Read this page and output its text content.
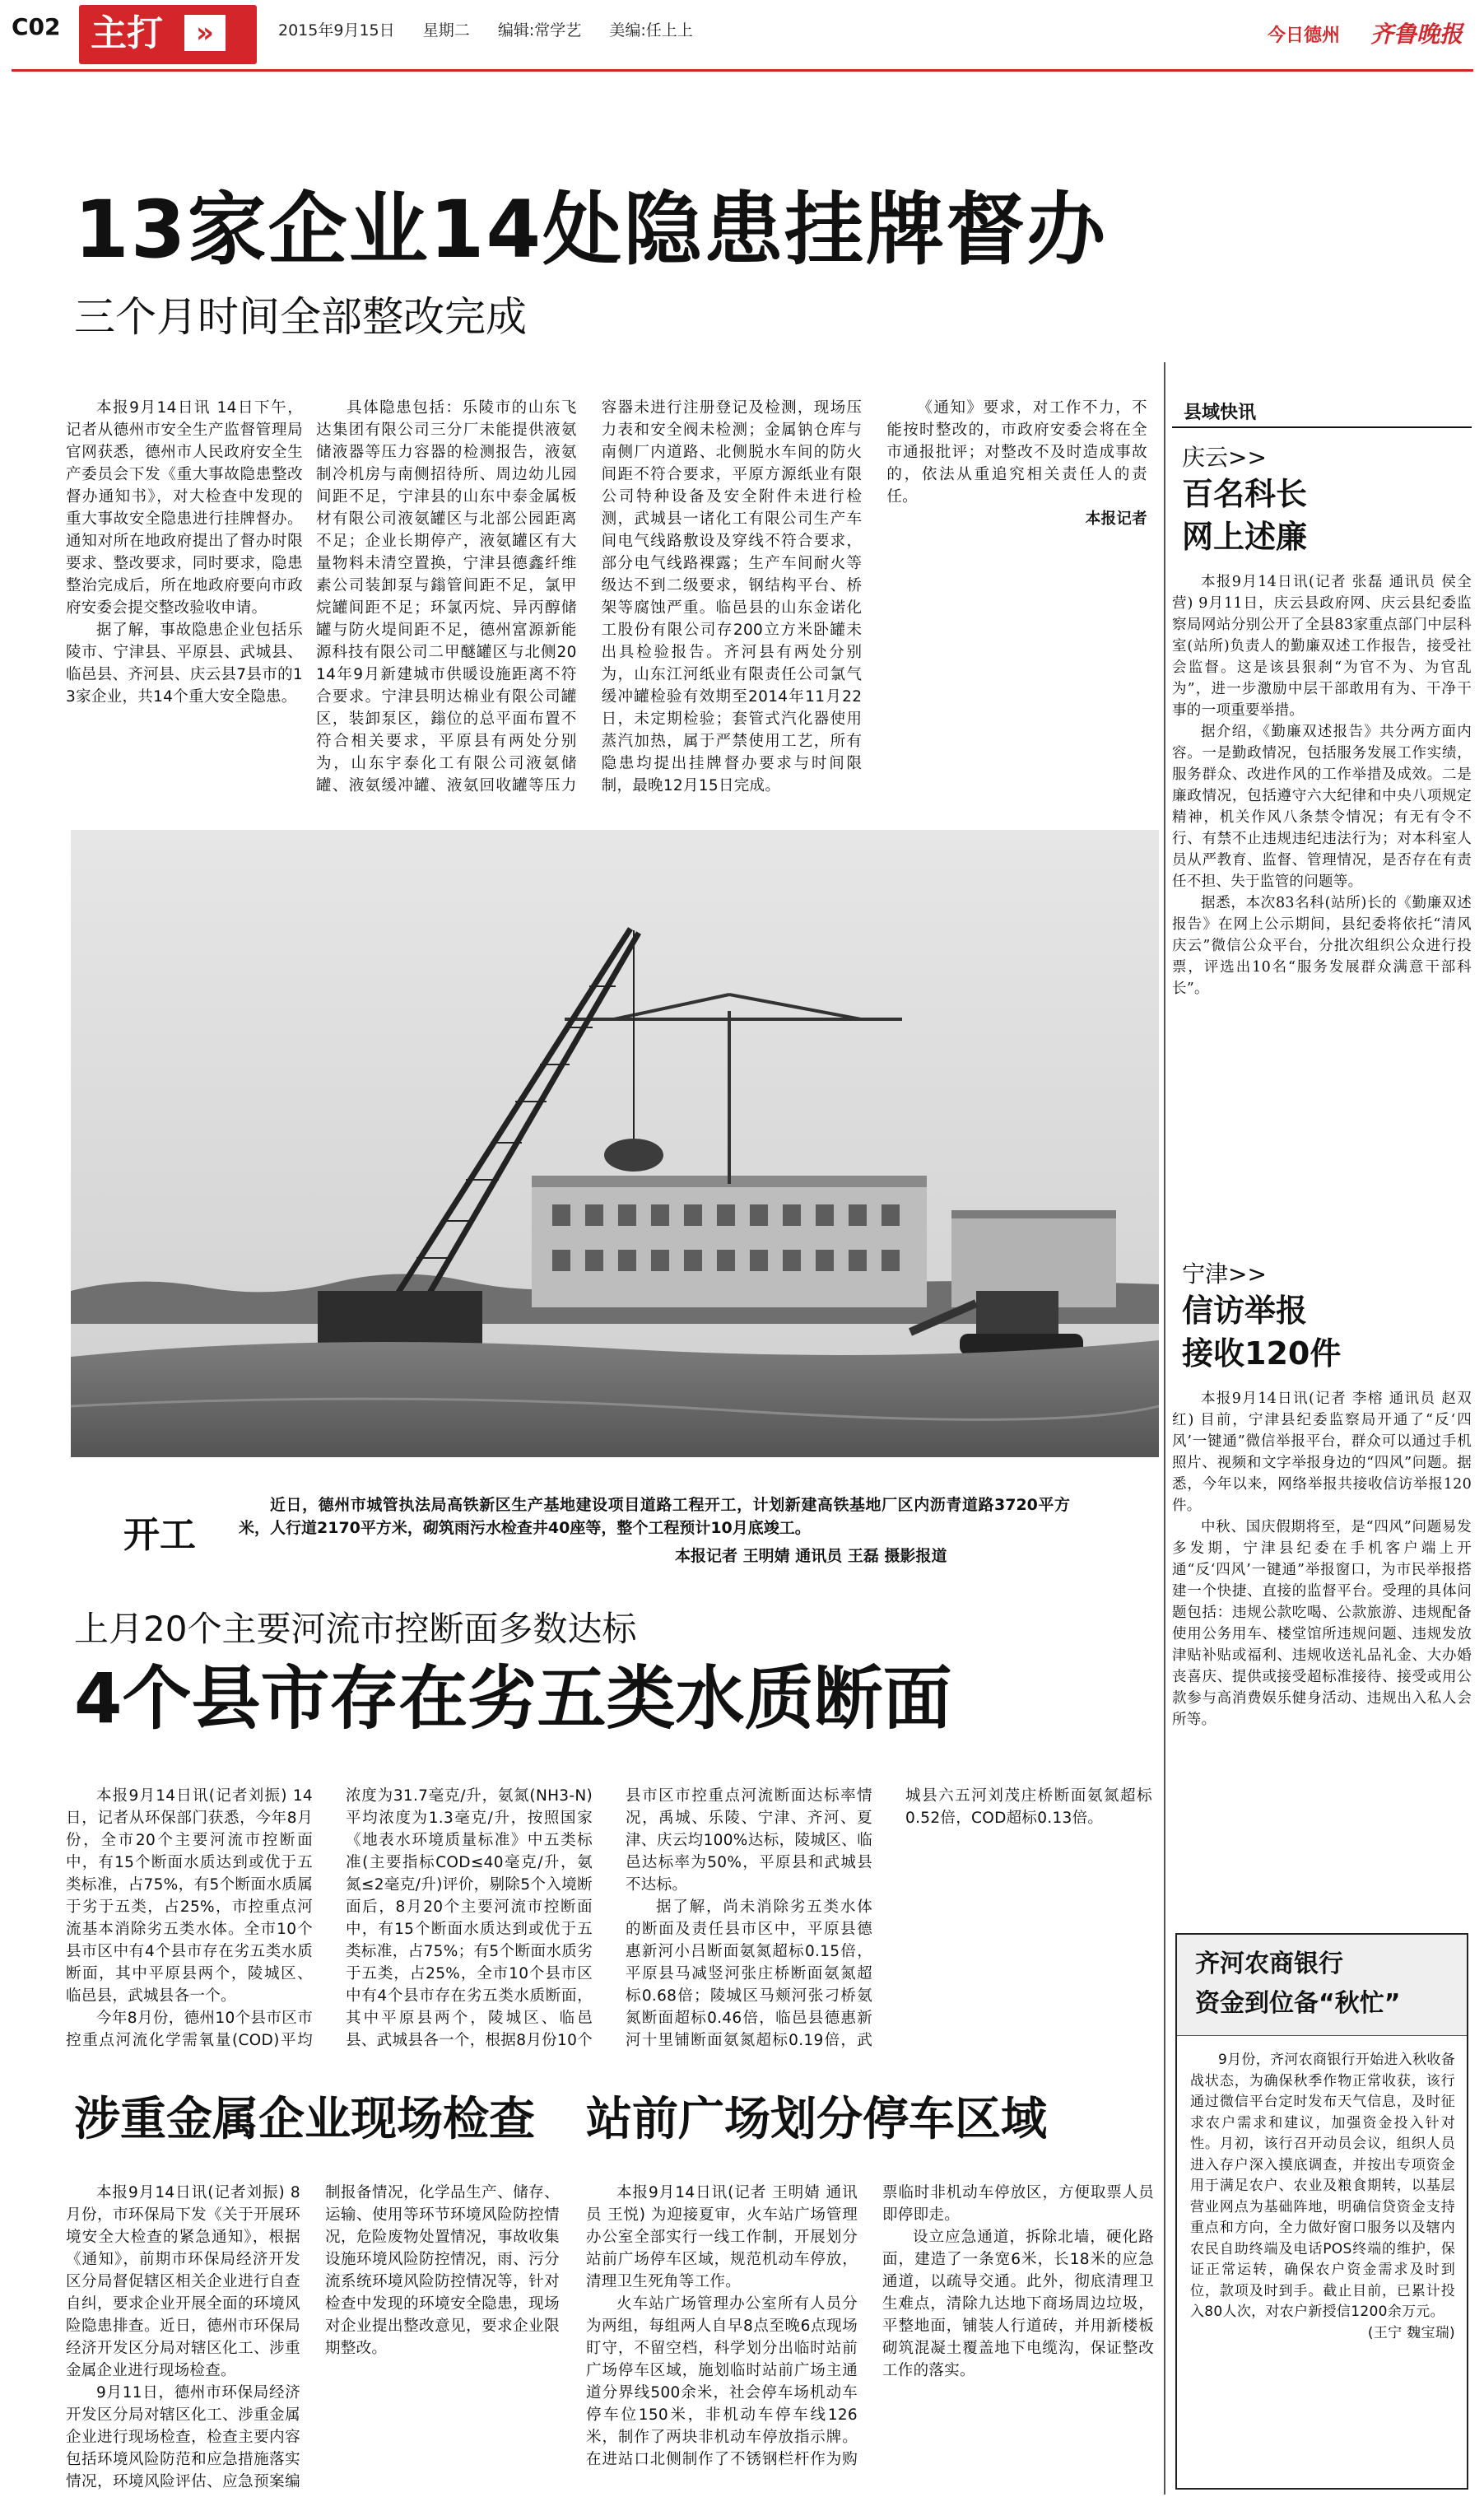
C02 主打	»	2015年9月15日 星期二 编辑:常学艺 美编:任上上	今日德州 齐鲁晚报
13家企业14处隐患挂牌督办
三个月时间全部整改完成

本报9月14日讯 14日下午，记者从德州市安全生产监督管理局官网获悉，德州市人民政府安全生产委员会下发《重大事故隐患整改督办通知书》，对大检查中发现的重大事故安全隐患进行挂牌督办。通知对所在地政府提出了督办时限要求、整改要求，同时要求，隐患整治完成后，所在地政府要向市政府安委会提交整改验收申请。

据了解，事故隐患企业包括乐陵市、宁津县、平原县、武城县、临邑县、齐河县、庆云县7县市的13家企业，共14个重大安全隐患。

具体隐患包括：乐陵市的山东飞达集团有限公司三分厂未能提供液氨储液器等压力容器的检测报告，液氨制冷机房与南侧招待所、周边幼儿园间距不足，宁津县的山东中泰金属板材有限公司液氨罐区与北部公园距离不足；企业长期停产，液氨罐区有大量物料未清空置换，宁津县德鑫纤维素公司装卸泵与鎓管间距不足，氯甲烷罐间距不足；环氯丙烷、异丙醇储罐与防火堤间距不足，德州富源新能源科技有限公司二甲醚罐区与北侧2014年9月新建城市供暖设施距离不符合要求。宁津县明达棉业有限公司罐区，装卸泵区，鎓位的总平面布置不符合相关要求，平原县有两处分别为，山东宇泰化工有限公司液氨储罐、液氨缓冲罐、液氨回收罐等压力容器未进行注册登记及检测，现场压力表和安全阀未检测；金属钠仓库与南侧厂内道路、北侧脱水车间的防火间距不符合要求，平原方源纸业有限公司特种设备及安全附件未进行检测，武城县一诸化工有限公司生产车间电气线路敷设及穿线不符合要求，部分电气线路裸露；生产车间耐火等级达不到二级要求，钢结构平台、桥架等腐蚀严重。临邑县的山东金诺化工股份有限公司存200立方米卧罐未出具检验报告。齐河县有两处分别为，山东江河纸业有限责任公司氯气缓冲罐检验有效期至2014年11月22日，未定期检验；套管式汽化器使用蒸汽加热，属于严禁使用工艺，所有隐患均提出挂牌督办要求与时间限制，最晚12月15日完成。

《通知》要求，对工作不力，不能按时整改的，市政府安委会将在全市通报批评；对整改不及时造成事故的，依法从重追究相关责任人的责任。

本报记者

开工
近日，德州市城管执法局高铁新区生产基地建设项目道路工程开工，计划新建高铁基地厂区内沥青道路3720平方米，人行道2170平方米，砌筑雨污水检查井40座等，整个工程预计10月底竣工。
本报记者 王明婧 通讯员 王磊 摄影报道
上月20个主要河流市控断面多数达标
4个县市存在劣五类水质断面

本报9月14日讯(记者刘振) 14日，记者从环保部门获悉，今年8月份，全市20个主要河流市控断面中，有15个断面水质达到或优于五类标准，占75%，有5个断面水质属于劣于五类，占25%，市控重点河流基本消除劣五类水体。全市10个县市区中有4个县市存在劣五类水质断面，其中平原县两个，陵城区、临邑县，武城县各一个。

今年8月份，德州10个县市区市控重点河流化学需氧量(COD)平均浓度为31.7毫克/升，氨氮(NH3-N)平均浓度为1.3毫克/升，按照国家《地表水环境质量标准》中五类标准(主要指标COD≤40毫克/升，氨氮≤2毫克/升)评价，剔除5个入境断面后，8月20个主要河流市控断面中，有15个断面水质达到或优于五类标准，占75%；有5个断面水质劣于五类，占25%，全市10个县市区中有4个县市存在劣五类水质断面，其中平原县两个，陵城区、临邑县、武城县各一个，根据8月份10个县市区市控重点河流断面达标率情况，禹城、乐陵、宁津、齐河、夏津、庆云均100%达标，陵城区、临邑达标率为50%，平原县和武城县不达标。

据了解，尚未消除劣五类水体的断面及责任县市区中，平原县德惠新河小吕断面氨氮超标0.15倍，平原县马减竖河张庄桥断面氨氮超标0.68倍；陵城区马颊河张刁桥氨氮断面超标0.46倍，临邑县德惠新河十里铺断面氨氮超标0.19倍，武城县六五河刘茂庄桥断面氨氮超标0.52倍，COD超标0.13倍。

涉重金属企业现场检查

本报9月14日讯(记者刘振) 8月份，市环保局下发《关于开展环境安全大检查的紧急通知》，根据《通知》，前期市环保局经济开发区分局督促辖区相关企业进行自查自纠，要求企业开展全面的环境风险隐患排查。近日，德州市环保局经济开发区分局对辖区化工、涉重金属企业进行现场检查。

9月11日，德州市环保局经济开发区分局对辖区化工、涉重金属企业进行现场检查，检查主要内容包括环境风险防范和应急措施落实情况，环境风险评估、应急预案编制报备情况，化学品生产、储存、运输、使用等环节环境风险防控情况，危险废物处置情况，事故收集设施环境风险防控情况，雨、污分流系统环境风险防控情况等，针对检查中发现的环境安全隐患，现场对企业提出整改意见，要求企业限期整改。

站前广场划分停车区域

本报9月14日讯(记者 王明婧 通讯员 王悦) 为迎接夏审，火车站广场管理办公室全部实行一线工作制，开展划分站前广场停车区域，规范机动车停放，清理卫生死角等工作。

火车站广场管理办公室所有人员分为两组，每组两人自早8点至晚6点现场盯守，不留空档，科学划分出临时站前广场停车区域，施划临时站前广场主通道分界线500余米，社会停车场机动车停车位150米，非机动车停车线126米，制作了两块非机动车停放指示牌。在进站口北侧制作了不锈钢栏杆作为购票临时非机动车停放区，方便取票人员即停即走。

设立应急通道，拆除北墙，硬化路面，建造了一条宽6米，长18米的应急通道，以疏导交通。此外，彻底清理卫生难点，清除九达地下商场周边垃圾，平整地面，铺装人行道砖，并用新楼板砌筑混凝土覆盖地下电缆沟，保证整改工作的落实。

县域快讯
庆云>>
百名科长
网上述廉

本报9月14日讯(记者 张磊 通讯员 侯全营) 9月11日，庆云县政府网、庆云县纪委监察局网站分别公开了全县83家重点部门中层科室(站所)负责人的勤廉双述工作报告，接受社会监督。这是该县狠刹“为官不为、为官乱为”，进一步激励中层干部敢用有为、干净干事的一项重要举措。

据介绍，《勤廉双述报告》共分两方面内容。一是勤政情况，包括服务发展工作实绩，服务群众、改进作风的工作举措及成效。二是廉政情况，包括遵守六大纪律和中央八项规定精神，机关作风八条禁令情况；有无有令不行、有禁不止违规违纪违法行为；对本科室人员从严教育、监督、管理情况，是否存在有责任不担、失于监管的问题等。

据悉，本次83名科(站所)长的《勤廉双述报告》在网上公示期间，县纪委将依托“清风庆云”微信公众平台，分批次组织公众进行投票，评选出10名“服务发展群众满意干部科长”。

宁津>>
信访举报
接收120件

本报9月14日讯(记者 李榕 通讯员 赵双红) 目前，宁津县纪委监察局开通了“反‘四风’一键通”微信举报平台，群众可以通过手机照片、视频和文字举报身边的“四风”问题。据悉，今年以来，网络举报共接收信访举报120件。

中秋、国庆假期将至，是“四风”问题易发多发期，宁津县纪委在手机客户端上开通“反‘四风’一键通”举报窗口，为市民举报搭建一个快捷、直接的监督平台。受理的具体问题包括：违规公款吃喝、公款旅游、违规配备使用公务用车、楼堂馆所违规问题、违规发放津贴补贴或福利、违规收送礼品礼金、大办婚丧喜庆、提供或接受超标准接待、接受或用公款参与高消费娱乐健身活动、违规出入私人会所等。

齐河农商银行
资金到位备“秋忙”

9月份，齐河农商银行开始进入秋收备战状态，为确保秋季作物正常收获，该行通过微信平台定时发布天气信息，及时征求农户需求和建议，加强资金投入针对性。月初，该行召开动员会议，组织人员进入存户深入摸底调查，并按出专项资金用于满足农户、农业及粮食期转，以基层营业网点为基础阵地，明确信贷资金支持重点和方向，全力做好窗口服务以及辖内农民自助终端及电话POS终端的维护，保证正常运转，确保农户资金需求及时到位，款项及时到手。截止目前，已累计投入80人次，对农户新授信1200余万元。

(王宁 魏宝瑞)
